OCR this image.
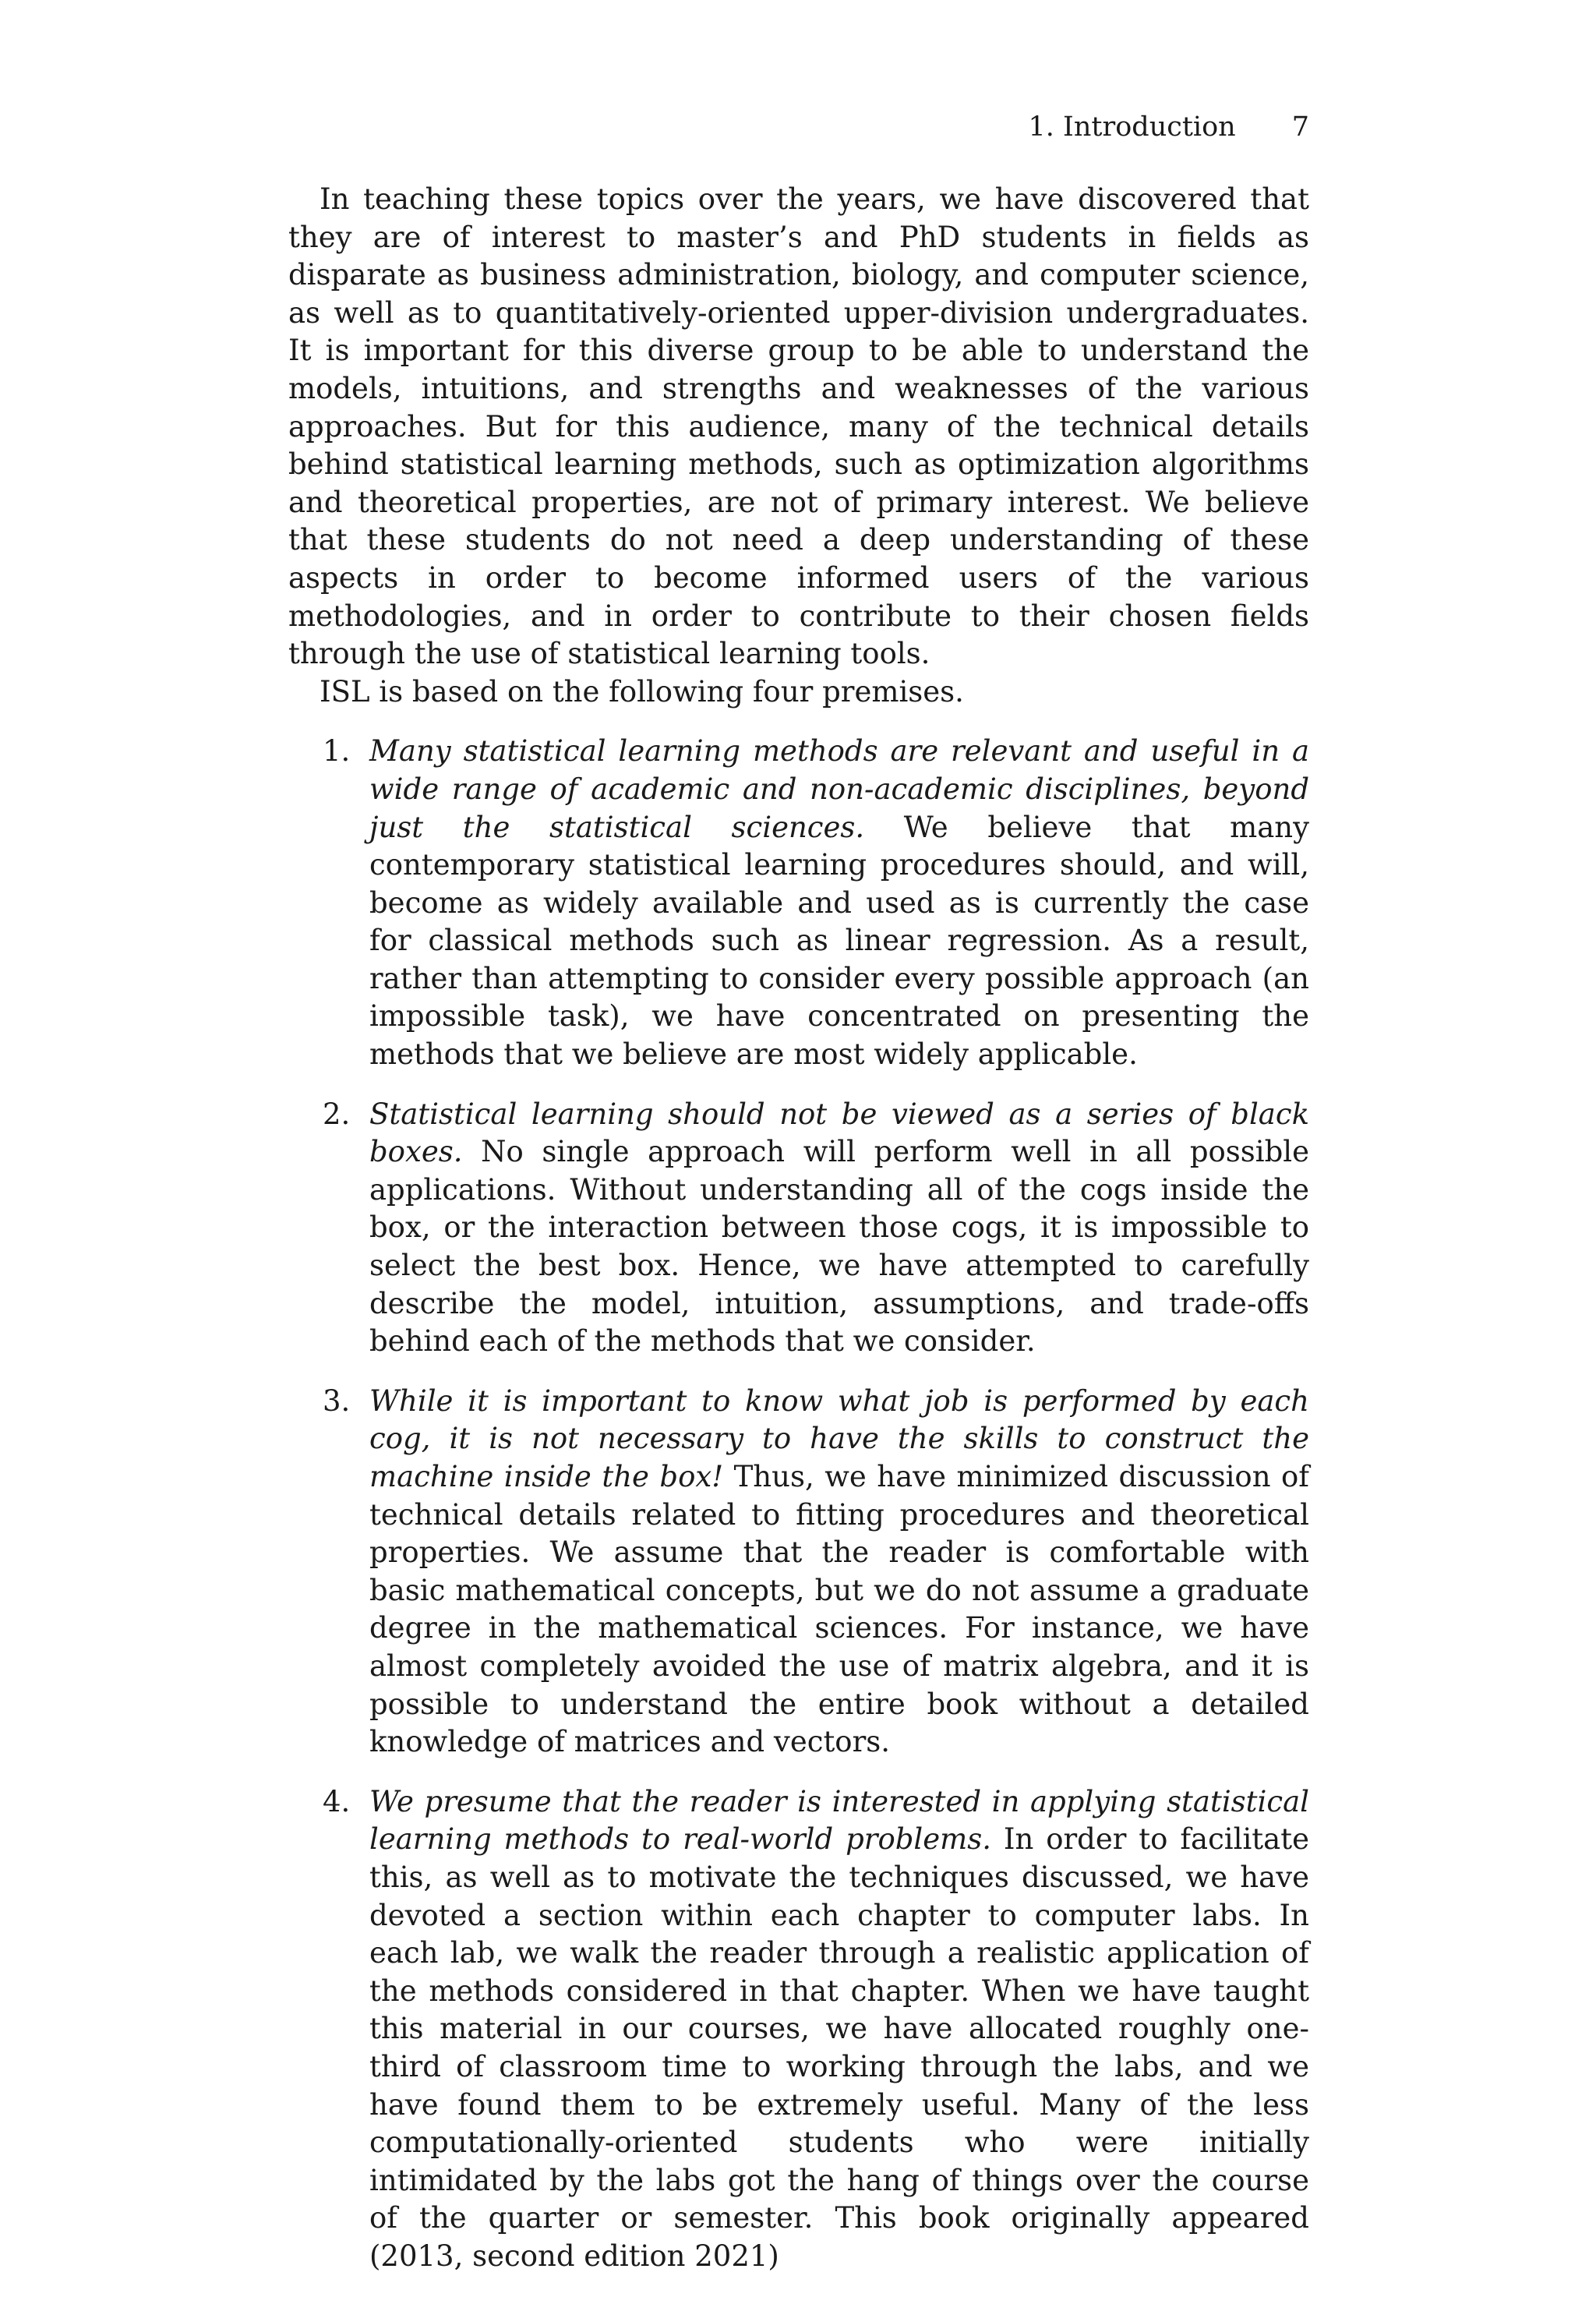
1. Introduction 7

In teaching these topics over the years, we have discovered that they are of interest to master’s and PhD students in fields as disparate as business administration, biology, and computer science, as well as to quantitatively-oriented upper-division undergraduates. It is important for this diverse group to be able to understand the models, intuitions, and strengths and weaknesses of the various approaches. But for this audience, many of the technical details behind statistical learning methods, such as optimization algorithms and theoretical properties, are not of primary interest. We believe that these students do not need a deep understanding of these aspects in order to become informed users of the various methodologies, and in order to contribute to their chosen fields through the use of statistical learning tools.

ISL is based on the following four premises.

1. Many statistical learning methods are relevant and useful in a wide range of academic and non-academic disciplines, beyond just the statistical sciences. We believe that many contemporary statistical learning procedures should, and will, become as widely available and used as is currently the case for classical methods such as linear regression. As a result, rather than attempting to consider every possible approach (an impossible task), we have concentrated on presenting the methods that we believe are most widely applicable.
2. Statistical learning should not be viewed as a series of black boxes. No single approach will perform well in all possible applications. Without understanding all of the cogs inside the box, or the interaction between those cogs, it is impossible to select the best box. Hence, we have attempted to carefully describe the model, intuition, assumptions, and trade-offs behind each of the methods that we consider.
3. While it is important to know what job is performed by each cog, it is not necessary to have the skills to construct the machine inside the box! Thus, we have minimized discussion of technical details related to fitting procedures and theoretical properties. We assume that the reader is comfortable with basic mathematical concepts, but we do not assume a graduate degree in the mathematical sciences. For instance, we have almost completely avoided the use of matrix algebra, and it is possible to understand the entire book without a detailed knowledge of matrices and vectors.
4. We presume that the reader is interested in applying statistical learning methods to real-world problems. In order to facilitate this, as well as to motivate the techniques discussed, we have devoted a section within each chapter to computer labs. In each lab, we walk the reader through a realistic application of the methods considered in that chapter. When we have taught this material in our courses, we have allocated roughly one-third of classroom time to working through the labs, and we have found them to be extremely useful. Many of the less computationally-oriented students who were initially intimidated by the labs got the hang of things over the course of the quarter or semester. This book originally appeared (2013, second edition 2021)
